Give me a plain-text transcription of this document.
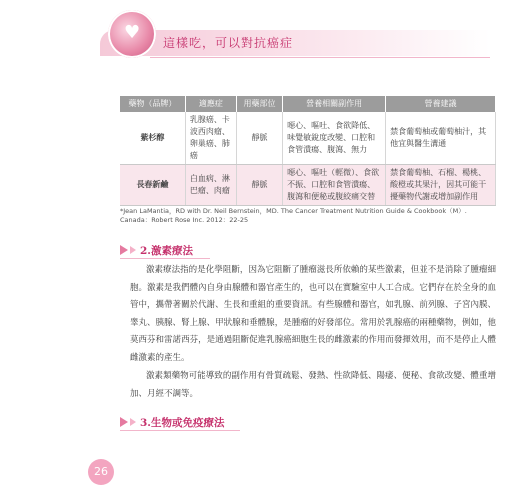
♥ 這樣吃，可以對抗癌症
藥物（品牌）	適應症	用藥部位	營養相關副作用	營養建議
紫杉醇	乳腺癌、卡波西肉瘤、卵巢癌、肺癌	靜脈	噁心、嘔吐、食欲降低、味覺敏銳度改變、口腔和食管潰瘍、腹瀉、無力	禁食葡萄柚或葡萄柚汁，其他宜與醫生溝通
長春新鹼	白血病、淋巴瘤、肉瘤	靜脈	噁心、嘔吐（輕微）、食欲不振、口腔和食管潰瘍、腹瀉和便秘或腹絞痛交替	禁食葡萄柚、石榴、楊桃、酸橙或其果汁，因其可能干擾藥物代謝或增加副作用
*Jean LaMantia，RD with Dr. Neil Bernstein，MD. The Cancer Treatment Nutrition Guide & Cookbook（M）. Canada：Robert Rose Inc. 2012：22-25
2.激素療法

激素療法指的是化學阻斷，因為它阻斷了腫瘤滋長所依賴的某些激素，但並不是消除了腫瘤細胞。激素是我們體內自身由腺體和器官產生的，也可以在實驗室中人工合成。它們存在於全身的血管中，攜帶著關於代謝、生長和重組的重要資訊。有些腺體和器官，如乳腺、前列腺、子宮內膜、睾丸、胰腺、腎上腺、甲狀腺和垂體腺，是腫瘤的好發部位。常用於乳腺癌的兩種藥物，例如，他莫西芬和雷諾西芬，是通過阻斷促進乳腺癌細胞生長的雌激素的作用而發揮效用，而不是停止人體雌激素的產生。

激素類藥物可能導致的副作用有骨質疏鬆、發熱、性欲降低、陽痿、便秘、食欲改變、體重增加、月經不調等。

3.生物或免疫療法
26
